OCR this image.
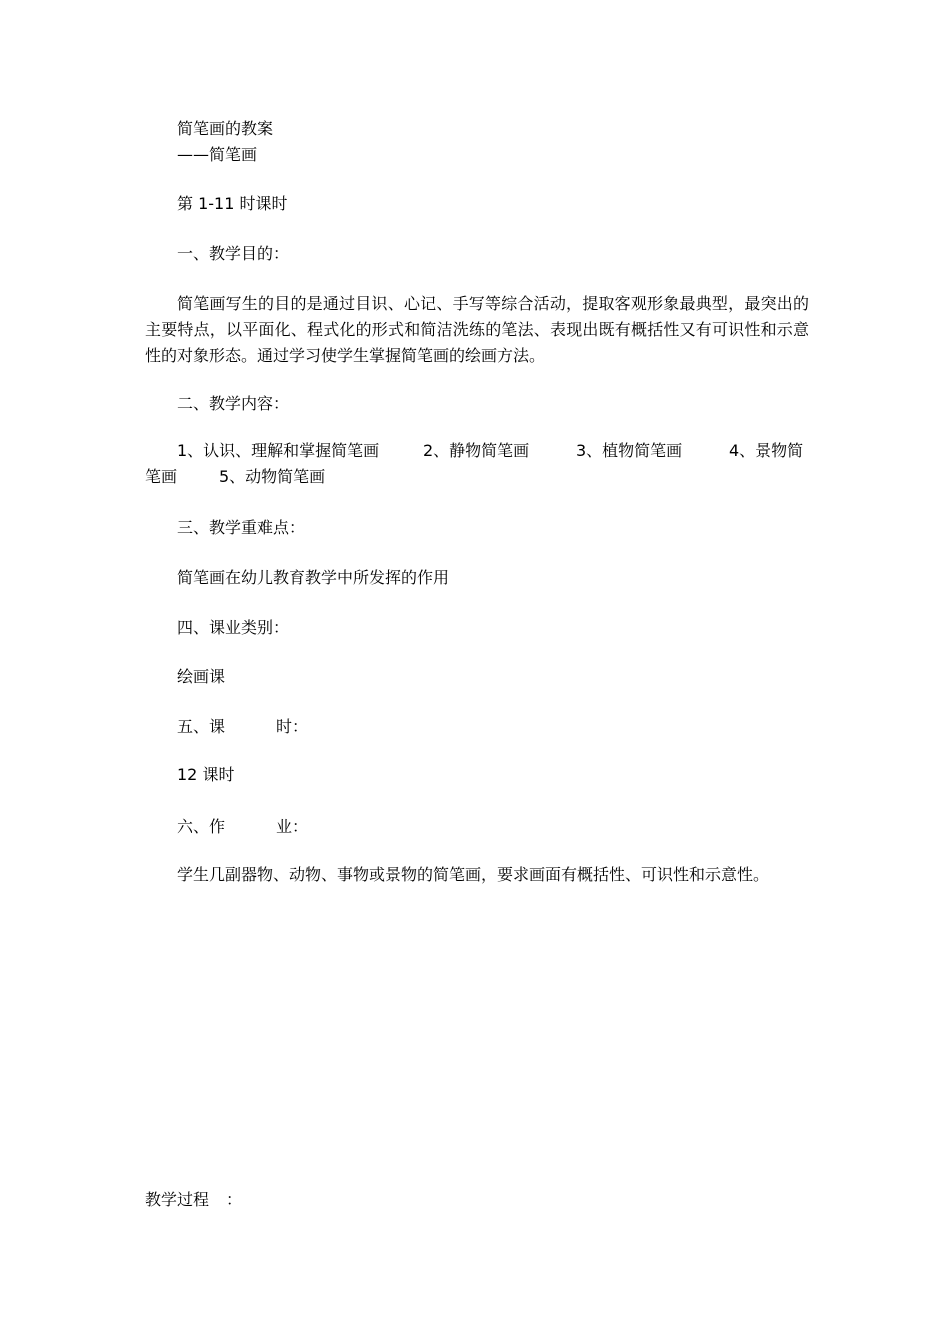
简笔画的教案
——简笔画
第 1-11 时课时
一、教学目的：
简笔画写生的目的是通过目识、心记、手写等综合活动，提取客观形象最典型，最突出的主要特点，以平面化、程式化的形式和简洁洗练的笔法、表现出既有概括性又有可识性和示意性的对象形态。通过学习使学生掌握简笔画的绘画方法。
二、教学内容：
1、认识、理解和掌握简笔画	2、静物简笔画	3、植物简笔画	4、景物简
笔画	5、动物简笔画
三、教学重难点：
简笔画在幼儿教育教学中所发挥的作用
四、课业类别：
绘画课
五、课	时：
12 课时
六、作	业：
学生几副器物、动物、事物或景物的简笔画，要求画面有概括性、可识性和示意性。
教学过程 ：
